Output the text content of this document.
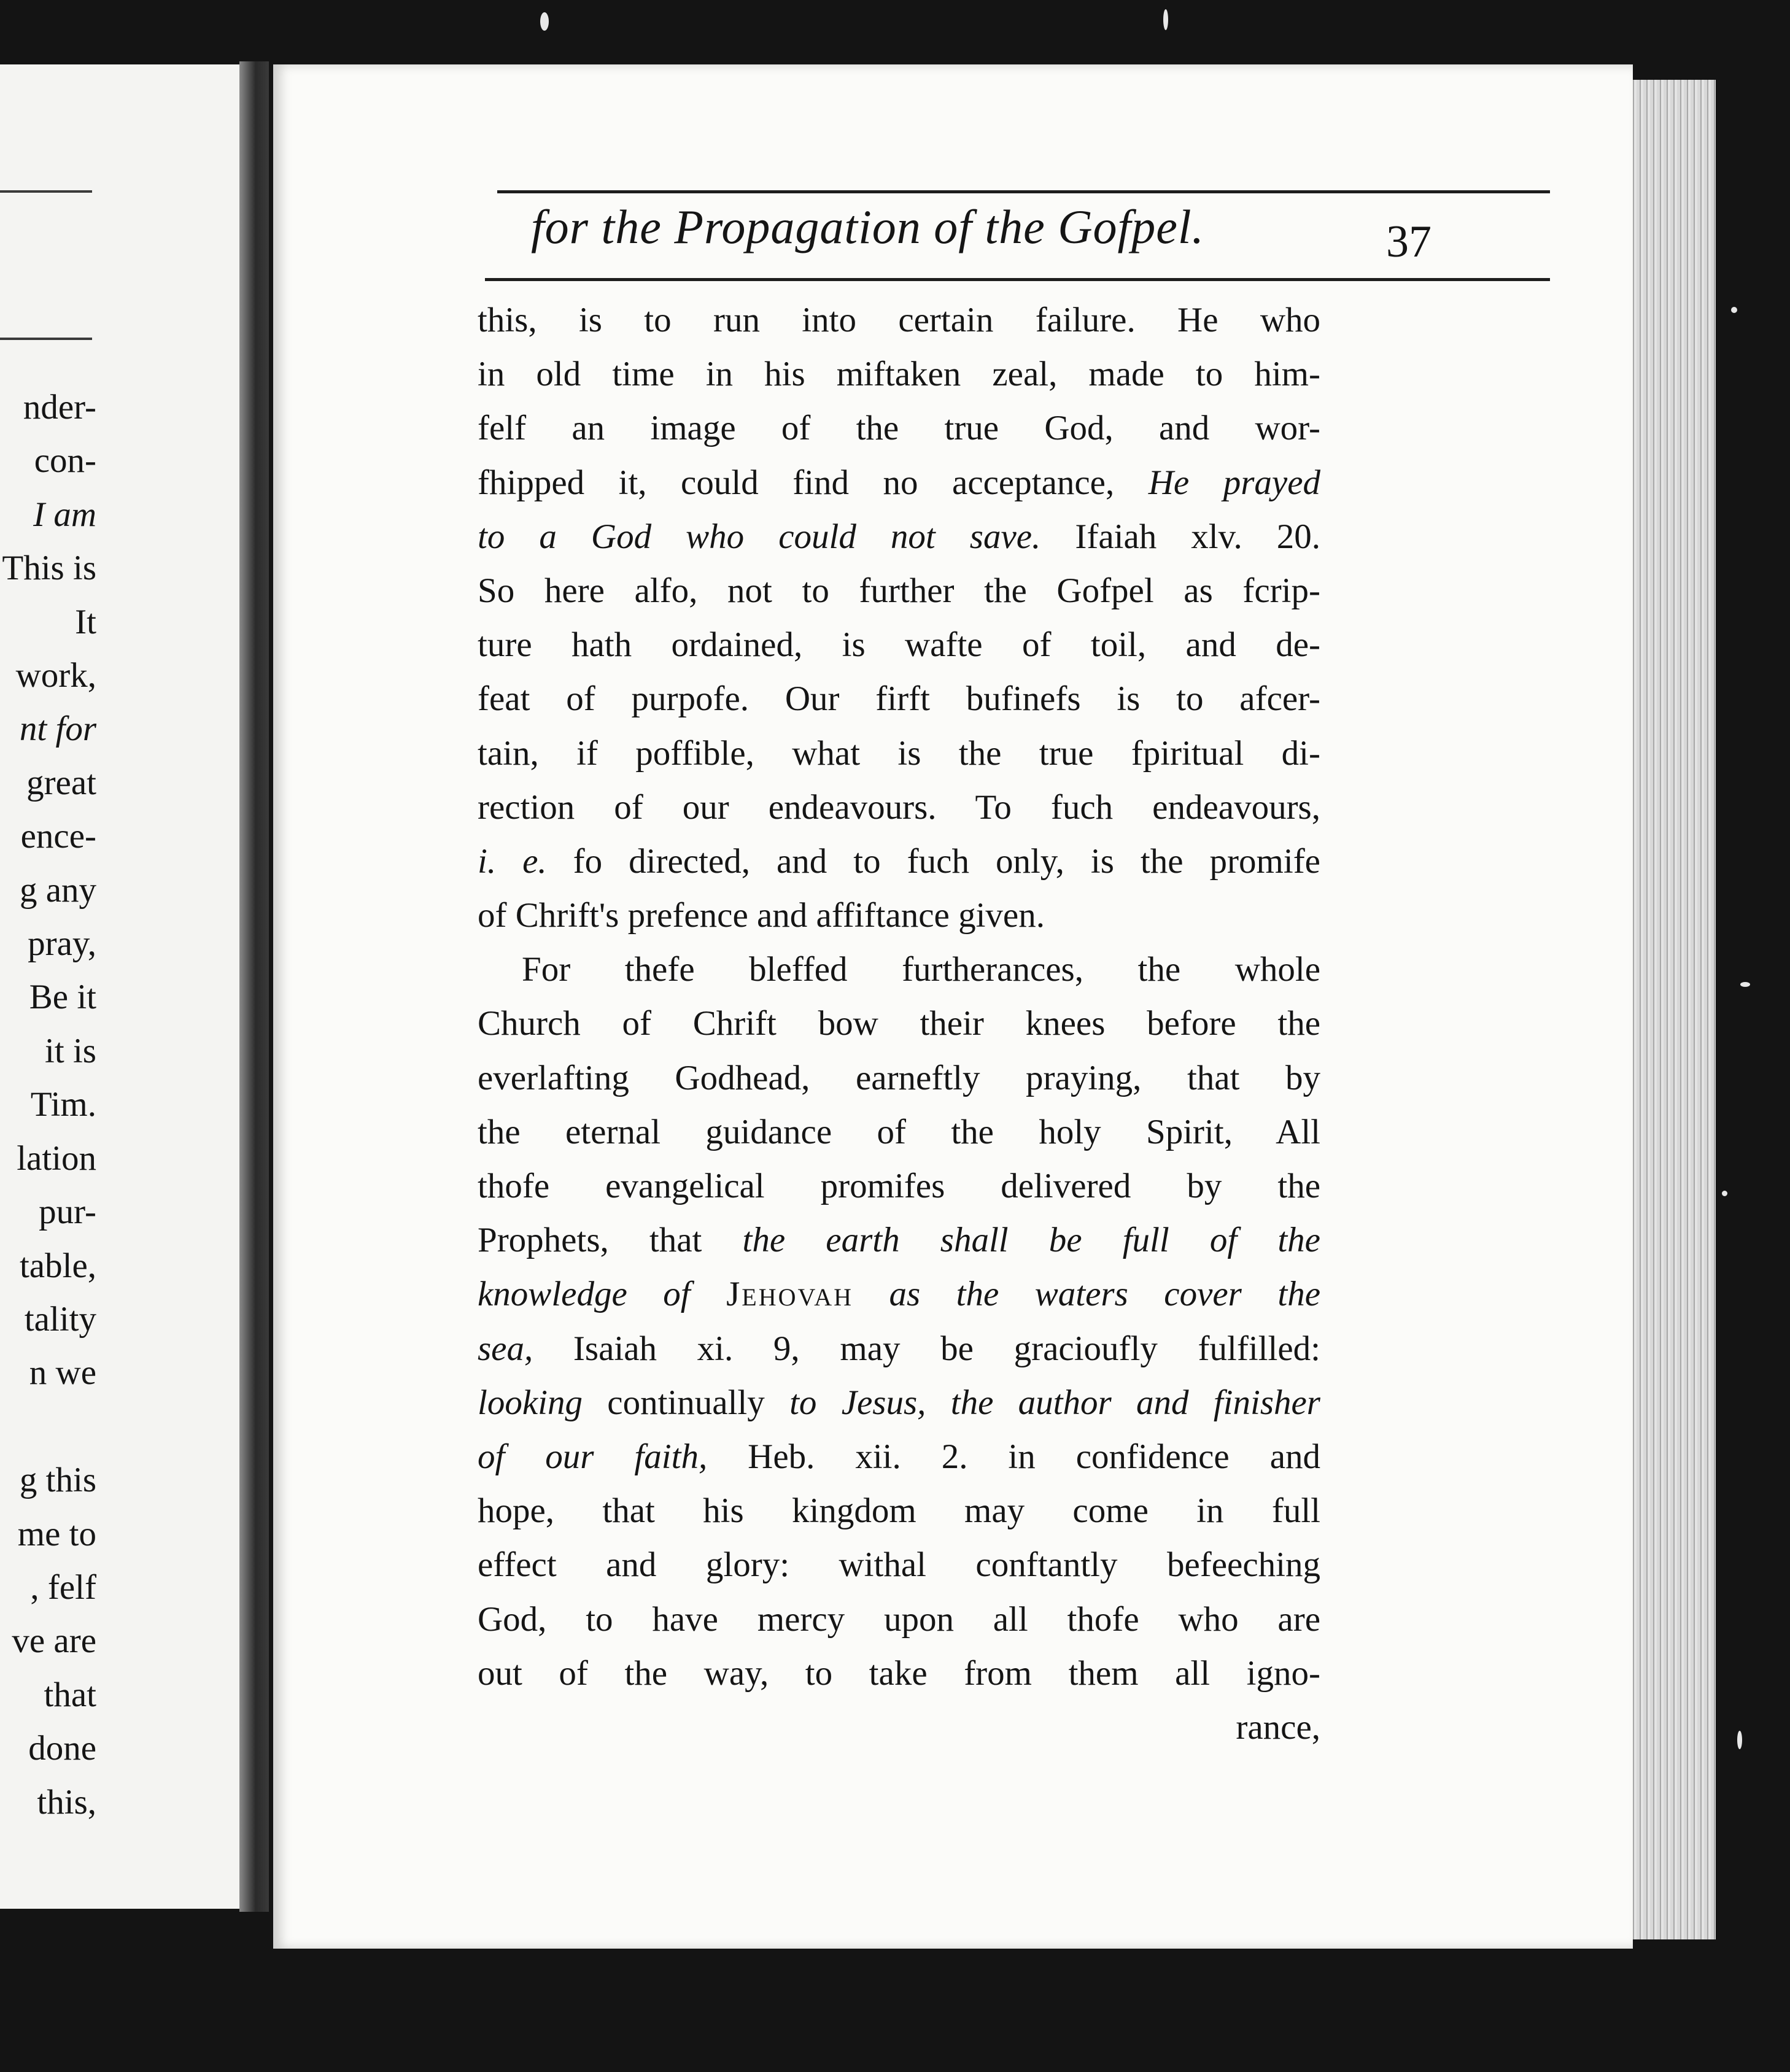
nder-
con-
I am
This is
It
work,
nt for
great
ence-
g any
pray,
Be it
it is
Tim.
lation
pur-
table,
tality
n we

g this
me to
, felf
ve are
that
done
this,
for the Propagation of the Gofpel.	37
this, is to run into certain failure. He who
in old time in his miftaken zeal, made to him-
felf an image of the true God, and wor-
fhipped it, could find no acceptance, He prayed
to a God who could not save. Ifaiah xlv. 20.
So here alfo, not to further the Gofpel as fcrip-
ture hath ordained, is wafte of toil, and de-
feat of purpofe. Our firft bufinefs is to afcer-
tain, if poffible, what is the true fpiritual di-
rection of our endeavours. To fuch endeavours,
i. e. fo directed, and to fuch only, is the promife
of Chrift's prefence and affiftance given.
For thefe bleffed furtherances, the whole
Church of Chrift bow their knees before the
everlafting Godhead, earneftly praying, that by
the eternal guidance of the holy Spirit, All
thofe evangelical promifes delivered by the
Prophets, that the earth shall be full of the
knowledge of Jehovah as the waters cover the
sea, Isaiah xi. 9, may be gracioufly fulfilled:
looking continually to Jesus, the author and finisher
of our faith, Heb. xii. 2. in confidence and
hope, that his kingdom may come in full
effect and glory: withal conftantly befeeching
God, to have mercy upon all thofe who are
out of the way, to take from them all igno-
rance,
